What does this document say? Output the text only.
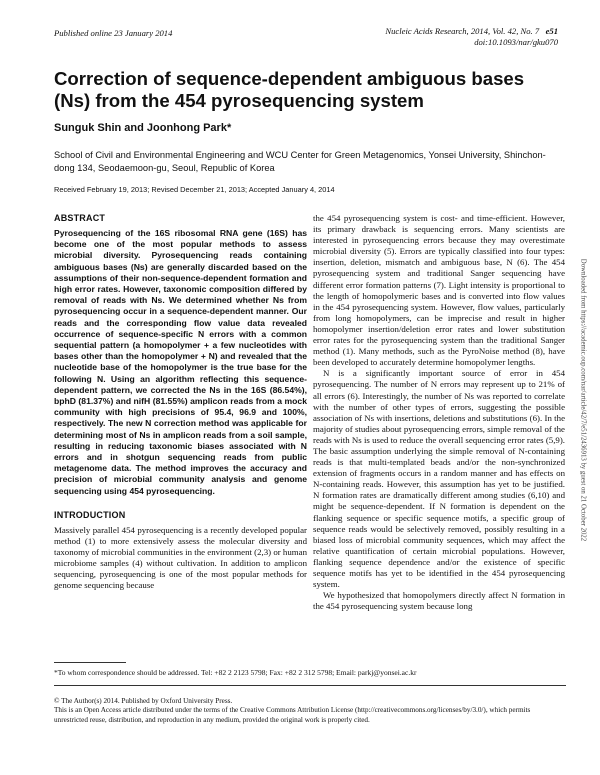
Published online 23 January 2014	Nucleic Acids Research, 2014, Vol. 42, No. 7 e51
doi:10.1093/nar/gku070
Correction of sequence-dependent ambiguous bases (Ns) from the 454 pyrosequencing system
Sunguk Shin and Joonhong Park*
School of Civil and Environmental Engineering and WCU Center for Green Metagenomics, Yonsei University, Shinchon-dong 134, Seodaemoon-gu, Seoul, Republic of Korea
Received February 19, 2013; Revised December 21, 2013; Accepted January 4, 2014
ABSTRACT

Pyrosequencing of the 16S ribosomal RNA gene (16S) has become one of the most popular methods to assess microbial diversity. Pyrosequencing reads containing ambiguous bases (Ns) are generally discarded based on the assumptions of their non-sequence-dependent formation and high error rates. However, taxonomic composition differed by removal of reads with Ns. We determined whether Ns from pyrosequencing occur in a sequence-dependent manner. Our reads and the corresponding flow value data revealed occurrence of sequence-specific N errors with a common sequential pattern (a homopolymer + a few nucleotides with bases other than the homopolymer + N) and revealed that the nucleotide base of the homopolymer is the true base for the following N. Using an algorithm reflecting this sequence-dependent pattern, we corrected the Ns in the 16S (86.54%), bphD (81.37%) and nifH (81.55%) amplicon reads from a mock community with high precisions of 95.4, 96.9 and 100%, respectively. The new N correction method was applicable for determining most of Ns in amplicon reads from a soil sample, resulting in reducing taxonomic biases associated with N errors and in shotgun sequencing reads from public metagenome data. The method improves the accuracy and precision of microbial community analysis and genome sequencing using 454 pyrosequencing.

INTRODUCTION

Massively parallel 454 pyrosequencing is a recently developed popular method (1) to more extensively assess the molecular diversity and taxonomy of microbial communities in the environment (2,3) or human microbiome samples (4) without cultivation. In addition to amplicon sequencing, pyrosequencing is one of the most popular methods for genome sequencing because

the 454 pyrosequencing system is cost- and time-efficient. However, its primary drawback is sequencing errors. Many scientists are interested in pyrosequencing errors because they may overestimate microbial diversity (5). Errors are typically classified into four types: insertion, deletion, mismatch and ambiguous base, N (6). The 454 pyrosequencing system and traditional Sanger sequencing have different error formation patterns (7). Light intensity is proportional to the length of homopolymeric bases and is converted into flow values in the 454 pyrosequencing system. However, flow values, particularly from long homopolymers, can be imprecise and result in higher homopolymer insertion/deletion error rates and lower substitution error rates for the pyrosequencing system than the traditional Sanger method (1). Many methods, such as the PyroNoise method (8), have been developed to accurately determine homopolymer lengths.

N is a significantly important source of error in 454 pyrosequencing. The number of N errors may represent up to 21% of all errors (6). Interestingly, the number of Ns was reported to correlate with the number of other types of errors, suggesting the possible association of Ns with insertions, deletions and substitutions (6). In the majority of studies about pyrosequencing errors, simple removal of the reads with Ns is used to reduce the overall sequencing error rates (5,9). The basic assumption underlying the simple removal of N-containing reads is that multi-templated beads and/or the non-synchronized extension of fragments occurs in a random manner and has effects on N-containing reads. However, this assumption has yet to be justified. N formation rates are dramatically different among studies (6,10) and might be sequence-dependent. If N formation is dependent on the flanking sequence or specific sequence motifs, a specific group of sequence reads would be selectively removed, possibly resulting in a biased loss of microbial community sequences, which may affect the relative quantification of certain microbial populations. However, flanking sequence dependence and/or the existence of specific sequence motifs has yet to be identified in the 454 pyrosequencing system.

We hypothesized that homopolymers directly affect N formation in the 454 pyrosequencing system because long

Downloaded from https://academic.oup.com/nar/article/42/7/e51/2436913 by guest on 21 October 2022
*To whom correspondence should be addressed. Tel: +82 2 2123 5798; Fax: +82 2 312 5798; Email: parkj@yonsei.ac.kr

© The Author(s) 2014. Published by Oxford University Press.

This is an Open Access article distributed under the terms of the Creative Commons Attribution License (http://creativecommons.org/licenses/by/3.0/), which permits unrestricted reuse, distribution, and reproduction in any medium, provided the original work is properly cited.
